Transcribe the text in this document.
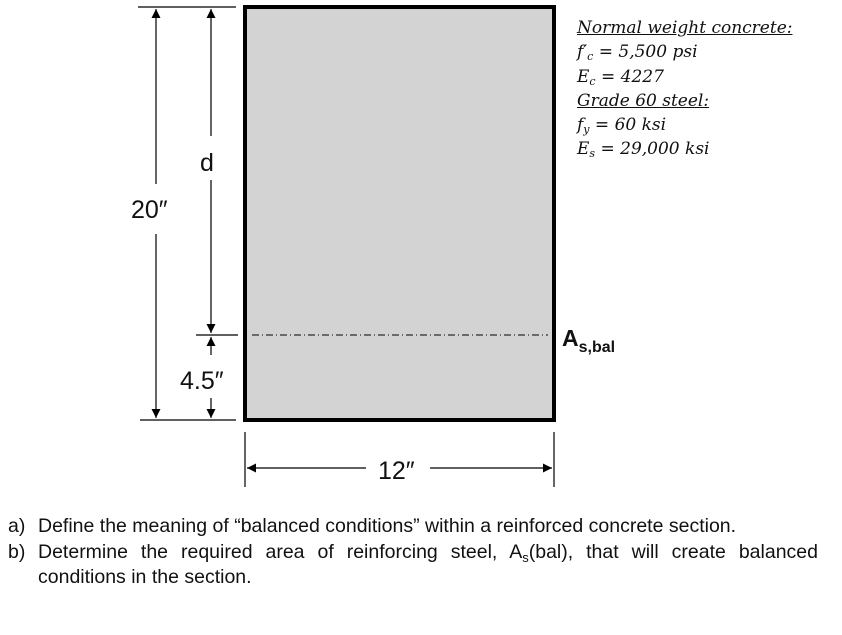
20″
d
4.5″
12″
$A_{s,bal}$
Normal weight concrete:
$f'_c = 5,500$ psi
$E_c = 4227$
Grade 60 steel:
$f_y = 60$ ksi
$E_s = 29,000$ ksi
a) Define the meaning of “balanced conditions” within a reinforced concrete section.
b) Determine the required area of reinforcing steel, $A_s(bal)$, that will create balanced conditions in the section.
